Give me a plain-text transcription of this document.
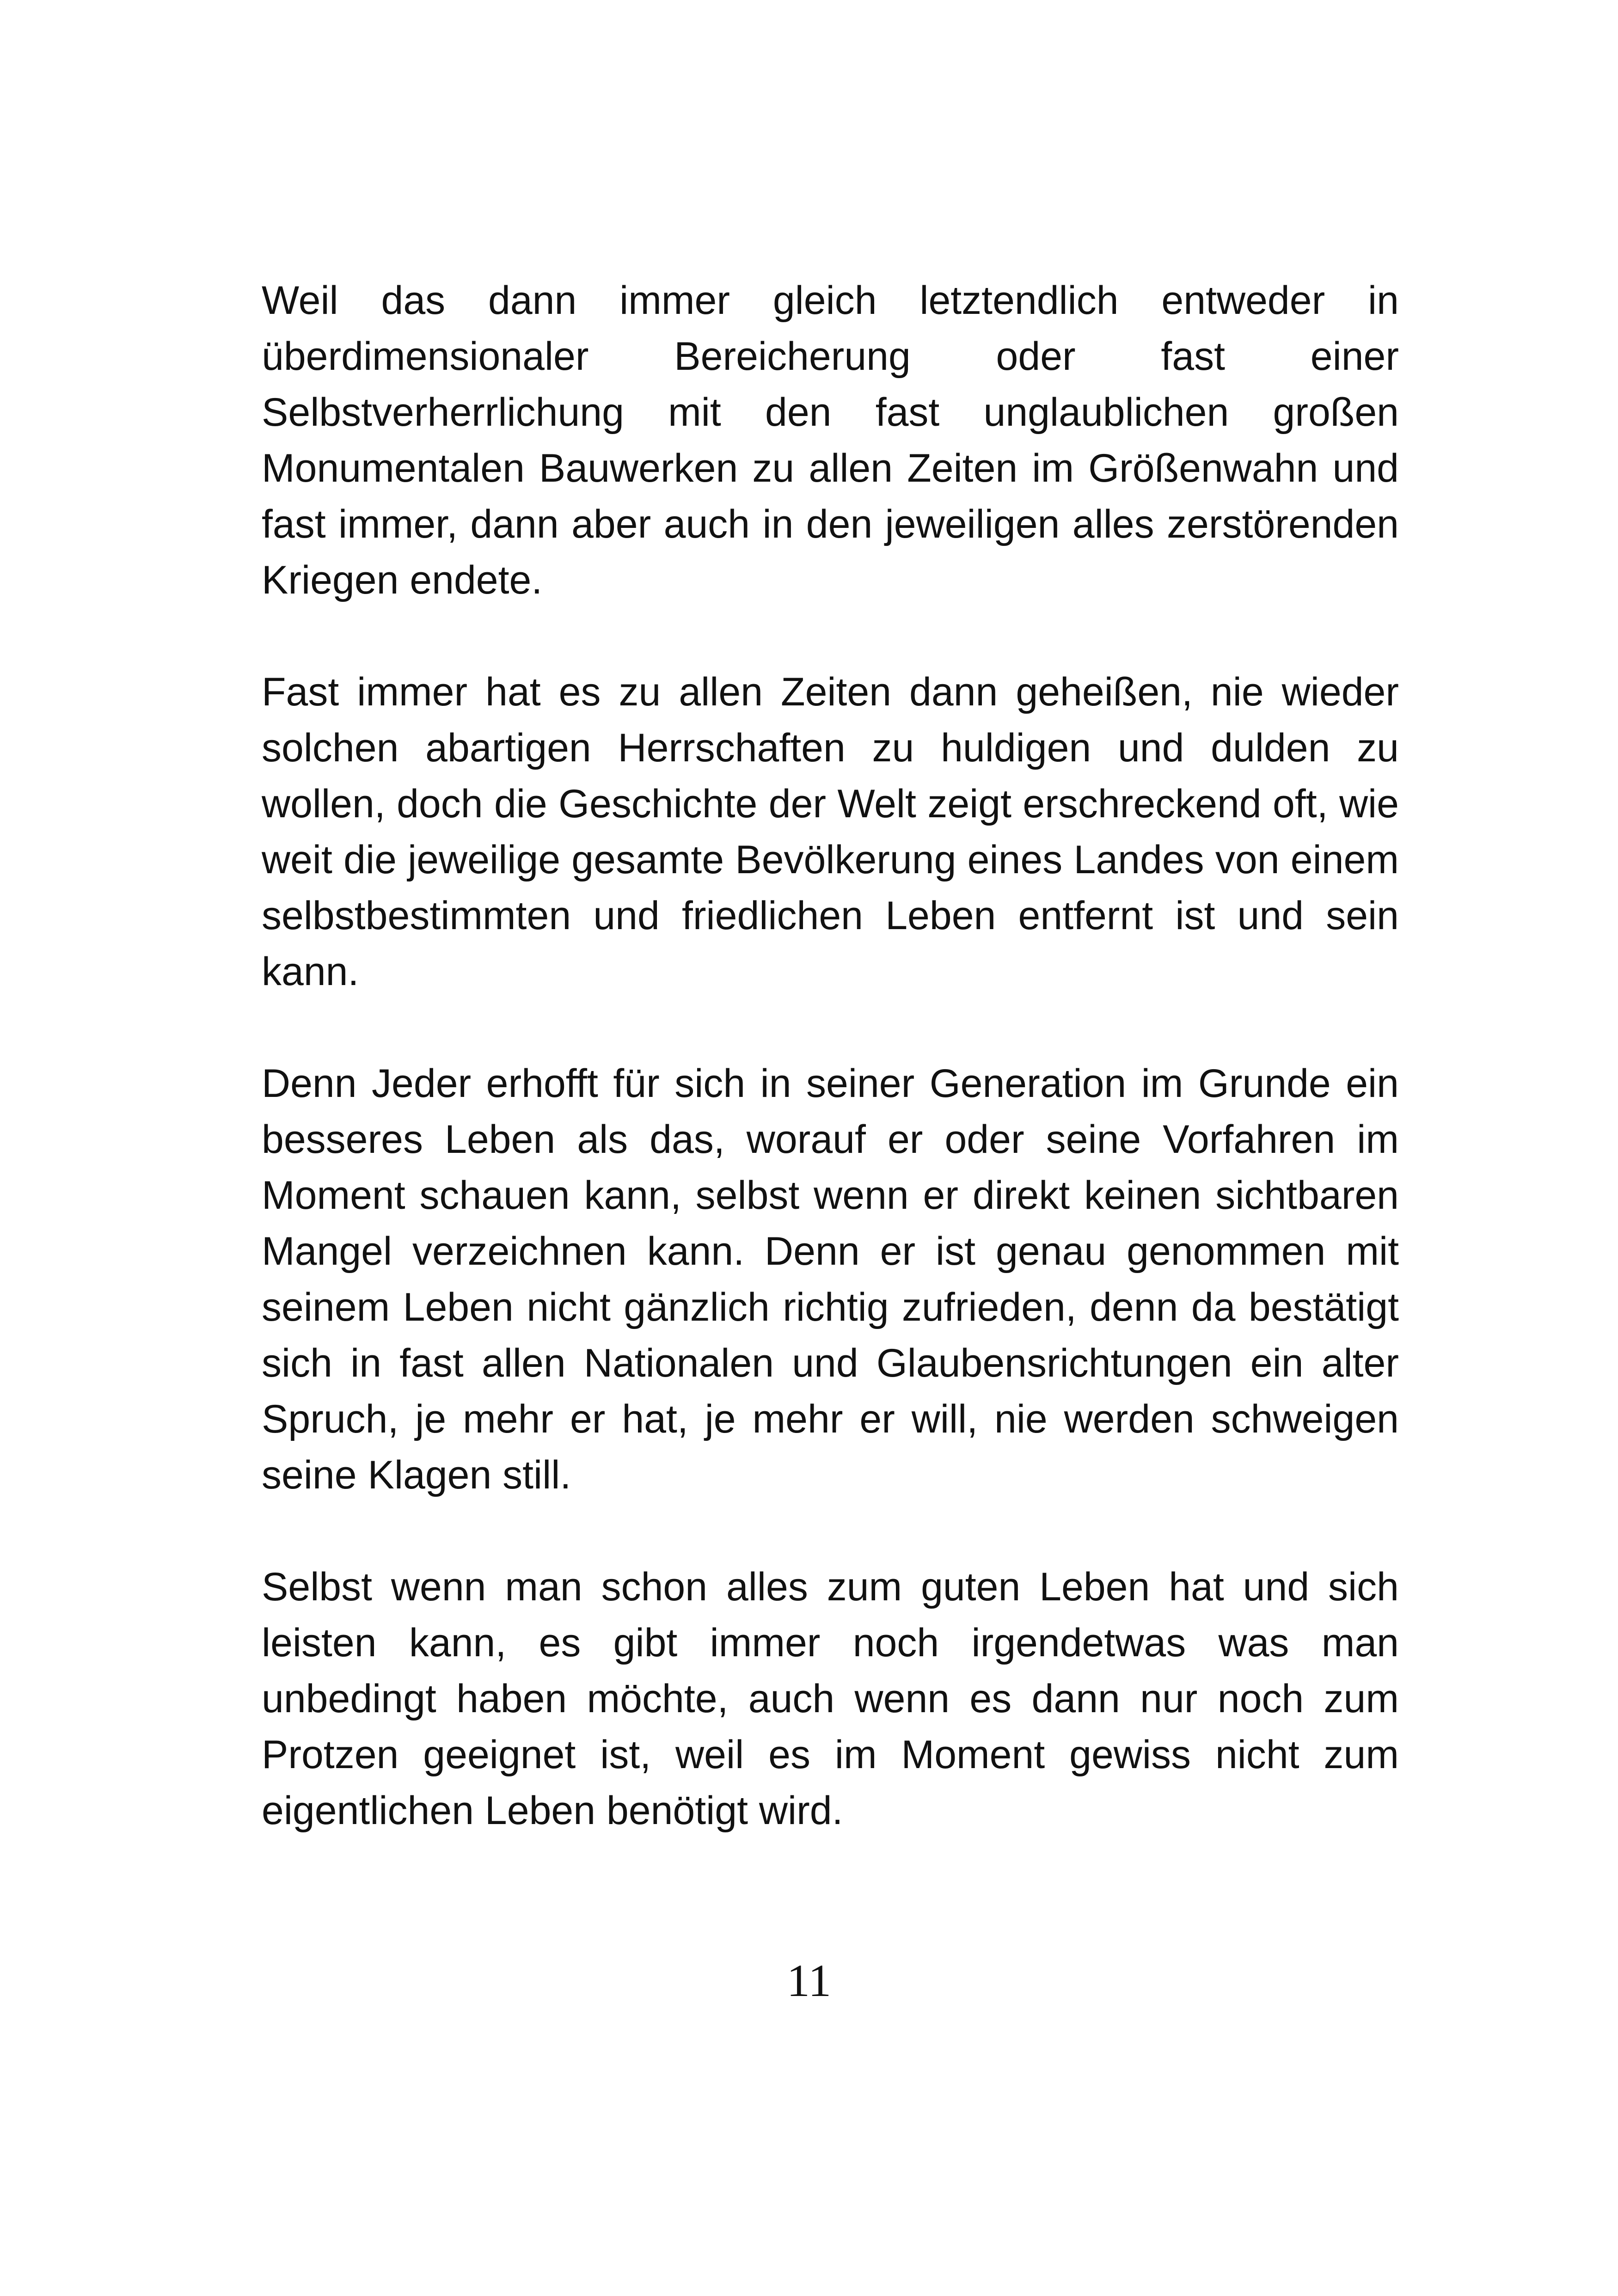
Weil das dann immer gleich letztendlich entweder in überdimensionaler Bereicherung oder fast einer Selbstverherrlichung mit den fast unglaublichen großen Monumentalen Bauwerken zu allen Zeiten im Größenwahn und fast immer, dann aber auch in den jeweiligen alles zerstörenden Kriegen endete.

Fast immer hat es zu allen Zeiten dann geheißen, nie wieder solchen abartigen Herrschaften zu huldigen und dulden zu wollen, doch die Geschichte der Welt zeigt erschreckend oft, wie weit die jeweilige gesamte Bevölkerung eines Landes von einem selbstbestimmten und friedlichen Leben entfernt ist und sein kann.

Denn Jeder erhofft für sich in seiner Generation im Grunde ein besseres Leben als das, worauf er oder seine Vorfahren im Moment schauen kann, selbst wenn er direkt keinen sichtbaren Mangel verzeichnen kann. Denn er ist genau genommen mit seinem Leben nicht gänzlich richtig zufrieden, denn da bestätigt sich in fast allen Nationalen und Glaubensrichtungen ein alter Spruch, je mehr er hat, je mehr er will, nie werden schweigen seine Klagen still.

Selbst wenn man schon alles zum guten Leben hat und sich leisten kann, es gibt immer noch irgendetwas was man unbedingt haben möchte, auch wenn es dann nur noch zum Protzen geeignet ist, weil es im Moment gewiss nicht zum eigentlichen Leben benötigt wird.

11
